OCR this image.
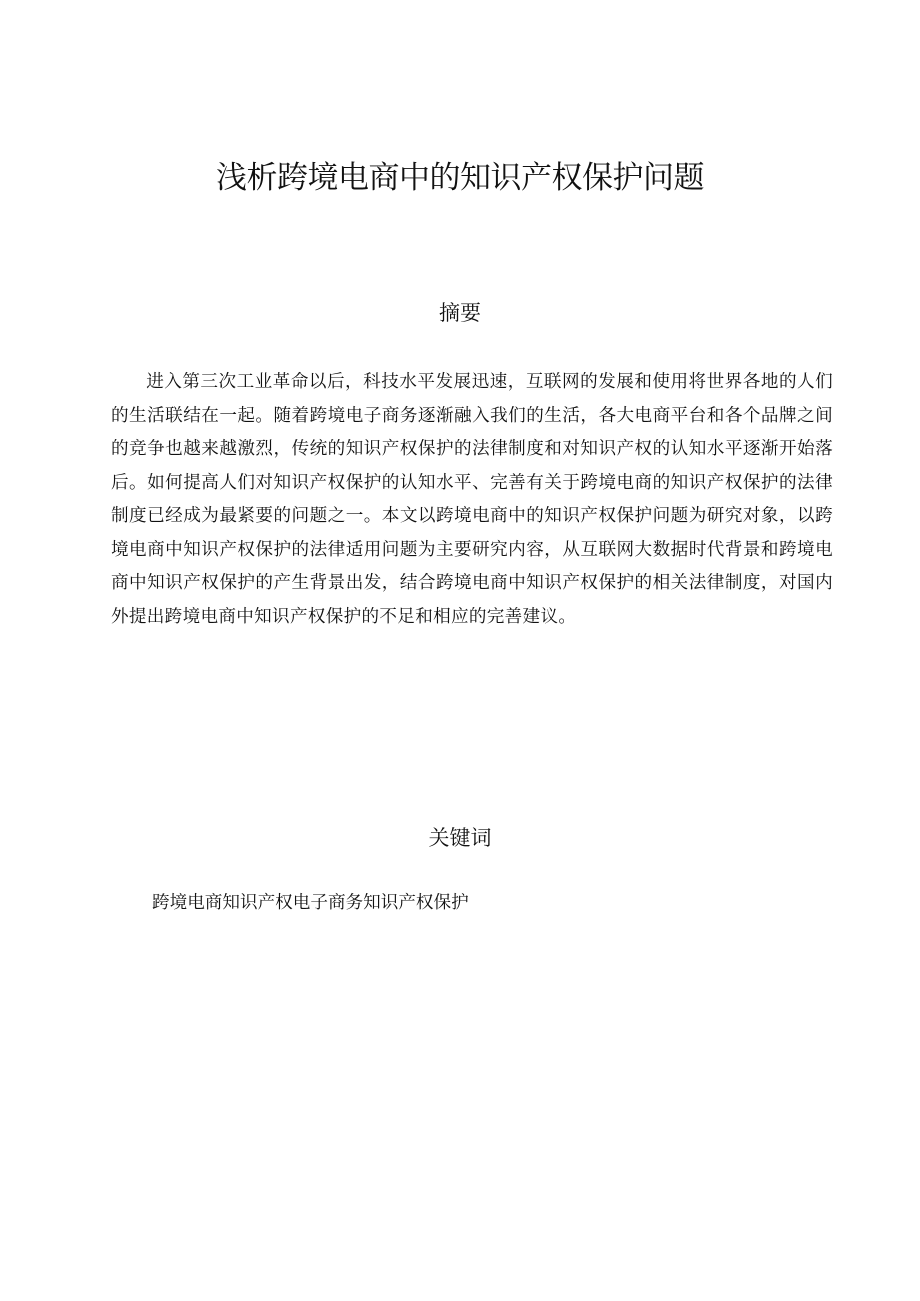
浅析跨境电商中的知识产权保护问题
摘要

进入第三次工业革命以后，科技水平发展迅速，互联网的发展和使用将世界各地的人们的生活联结在一起。随着跨境电子商务逐渐融入我们的生活，各大电商平台和各个品牌之间的竞争也越来越激烈，传统的知识产权保护的法律制度和对知识产权的认知水平逐渐开始落后。如何提高人们对知识产权保护的认知水平、完善有关于跨境电商的知识产权保护的法律制度已经成为最紧要的问题之一。本文以跨境电商中的知识产权保护问题为研究对象，以跨境电商中知识产权保护的法律适用问题为主要研究内容，从互联网大数据时代背景和跨境电商中知识产权保护的产生背景出发，结合跨境电商中知识产权保护的相关法律制度，对国内外提出跨境电商中知识产权保护的不足和相应的完善建议。

关键词

跨境电商知识产权电子商务知识产权保护
